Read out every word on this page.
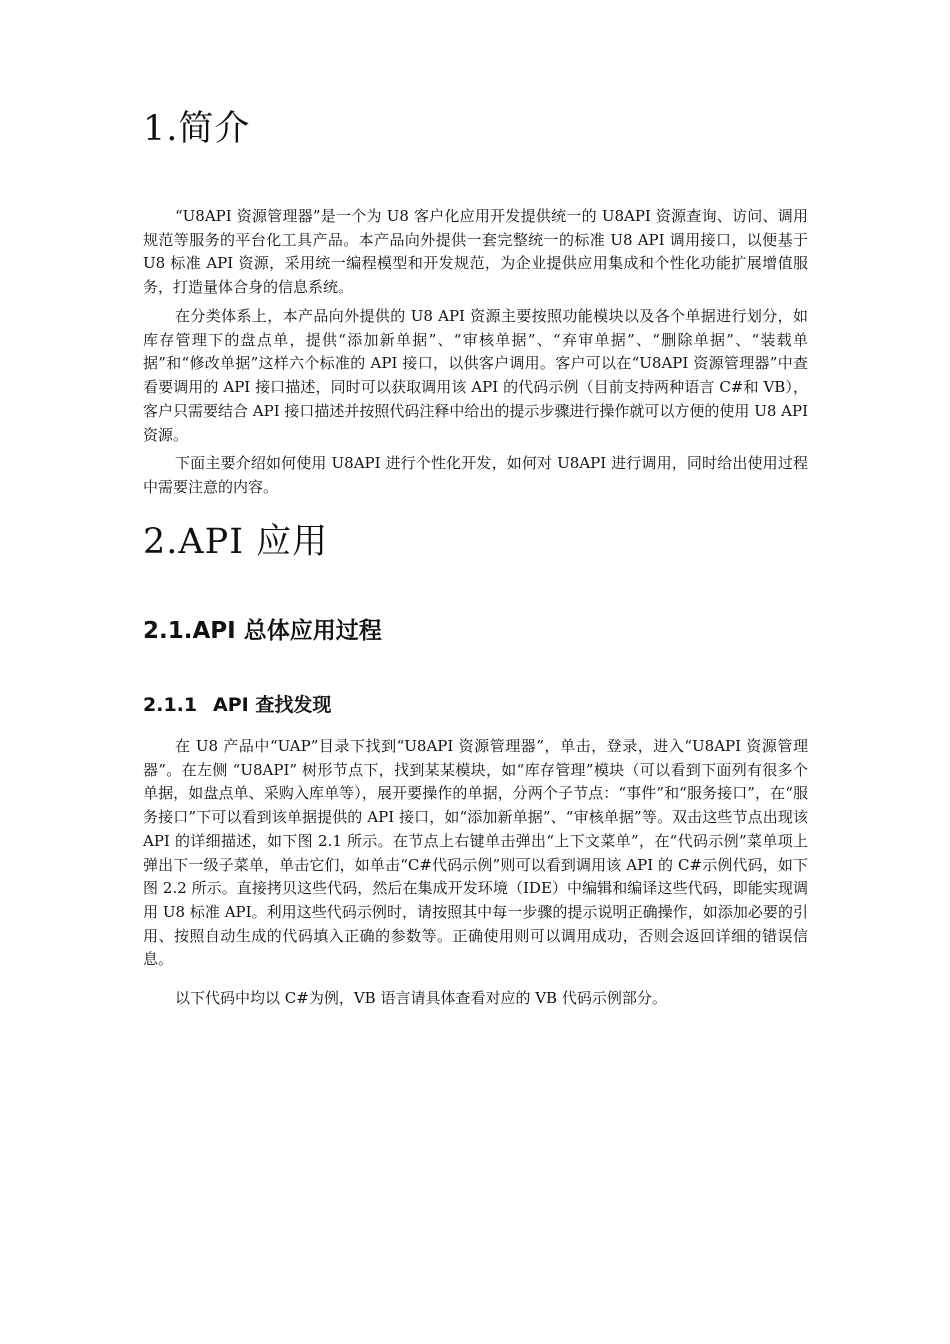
1.简介

“U8API 资源管理器”是一个为 U8 客户化应用开发提供统一的 U8API 资源查询、访问、调用规范等服务的平台化工具产品。本产品向外提供一套完整统一的标准 U8 API 调用接口，以便基于 U8 标准 API 资源，采用统一编程模型和开发规范，为企业提供应用集成和个性化功能扩展增值服务，打造量体合身的信息系统。

在分类体系上，本产品向外提供的 U8 API 资源主要按照功能模块以及各个单据进行划分，如库存管理下的盘点单，提供“添加新单据”、“审核单据”、“弃审单据”、“删除单据”、“装载单据”和“修改单据”这样六个标准的 API 接口，以供客户调用。客户可以在“U8API 资源管理器”中查看要调用的 API 接口描述，同时可以获取调用该 API 的代码示例（目前支持两种语言 C#和 VB），客户只需要结合 API 接口描述并按照代码注释中给出的提示步骤进行操作就可以方便的使用 U8 API 资源。

下面主要介绍如何使用 U8API 进行个性化开发，如何对 U8API 进行调用，同时给出使用过程中需要注意的内容。

2.API 应用
2.1.API 总体应用过程
2.1.1 API 查找发现

在 U8 产品中“UAP”目录下找到“U8API 资源管理器”，单击，登录，进入“U8API 资源管理器”。在左侧 “U8API” 树形节点下，找到某某模块，如“库存管理”模块（可以看到下面列有很多个单据，如盘点单、采购入库单等），展开要操作的单据，分两个子节点：“事件”和“服务接口”，在“服务接口”下可以看到该单据提供的 API 接口，如“添加新单据”、“审核单据”等。双击这些节点出现该 API 的详细描述，如下图 2.1 所示。在节点上右键单击弹出“上下文菜单”，在“代码示例”菜单项上弹出下一级子菜单，单击它们，如单击“C#代码示例”则可以看到调用该 API 的 C#示例代码，如下图 2.2 所示。直接拷贝这些代码，然后在集成开发环境（IDE）中编辑和编译这些代码，即能实现调用 U8 标准 API。利用这些代码示例时，请按照其中每一步骤的提示说明正确操作，如添加必要的引用、按照自动生成的代码填入正确的参数等。正确使用则可以调用成功，否则会返回详细的错误信息。

以下代码中均以 C#为例，VB 语言请具体查看对应的 VB 代码示例部分。
